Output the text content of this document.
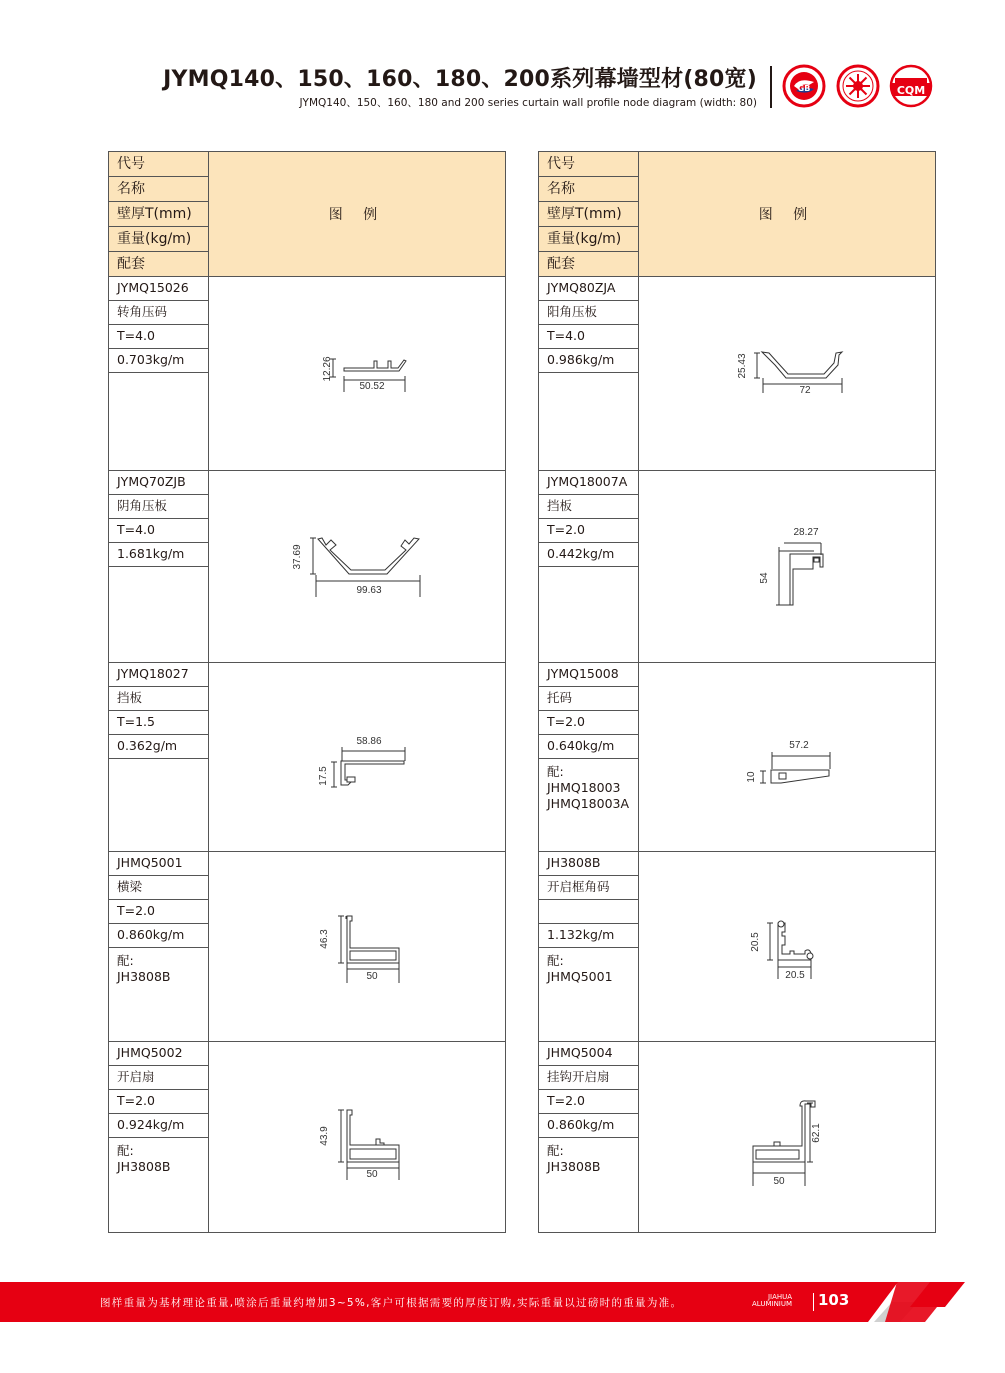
JYMQ140、150、160、180、200系列幕墙型材(80宽)
JYMQ140、150、160、180 and 200 series curtain wall profile node diagram (width: 80)
GB	CQM
代号	图 例
名称	
壁厚T(mm)	
重量(kg/m)	
配套	
JYMQ15026	12.26
50.52

转角压码	
T=4.0	
0.703kg/m	

JYMQ70ZJB	37.69
99.63

阴角压板	
T=4.0	
1.681kg/m	

JYMQ18027	58.86
17.5

挡板	
T=1.5	
0.362g/m	

JHMQ5001	46.3
50

横梁	
T=2.0	
0.860kg/m	
配:
JH3808B	
JHMQ5002	43.9
50

开启扇	
T=2.0	
0.924kg/m	
配:
JH3808B	
代号	图 例
名称	
壁厚T(mm)	
重量(kg/m)	
配套	
JYMQ80ZJA	25.43
72

阳角压板	
T=4.0	
0.986kg/m	

JYMQ18007A	28.27
54

挡板	
T=2.0	
0.442kg/m	

JYMQ15008	57.2
10

托码	
T=2.0	
0.640kg/m	
配:
JHMQ18003
JHMQ18003A	
JH3808B	20.5
20.5

开启框角码	

1.132kg/m	
配:
JHMQ5001	
JHMQ5004	62.1
50

挂钩开启扇	
T=2.0	
0.860kg/m	
配:
JH3808B	
图样重量为基材理论重量,喷涂后重量约增加3~5%,客户可根据需要的厚度订购,实际重量以过磅时的重量为准。	JIAHUA
ALUMINIUM 103
